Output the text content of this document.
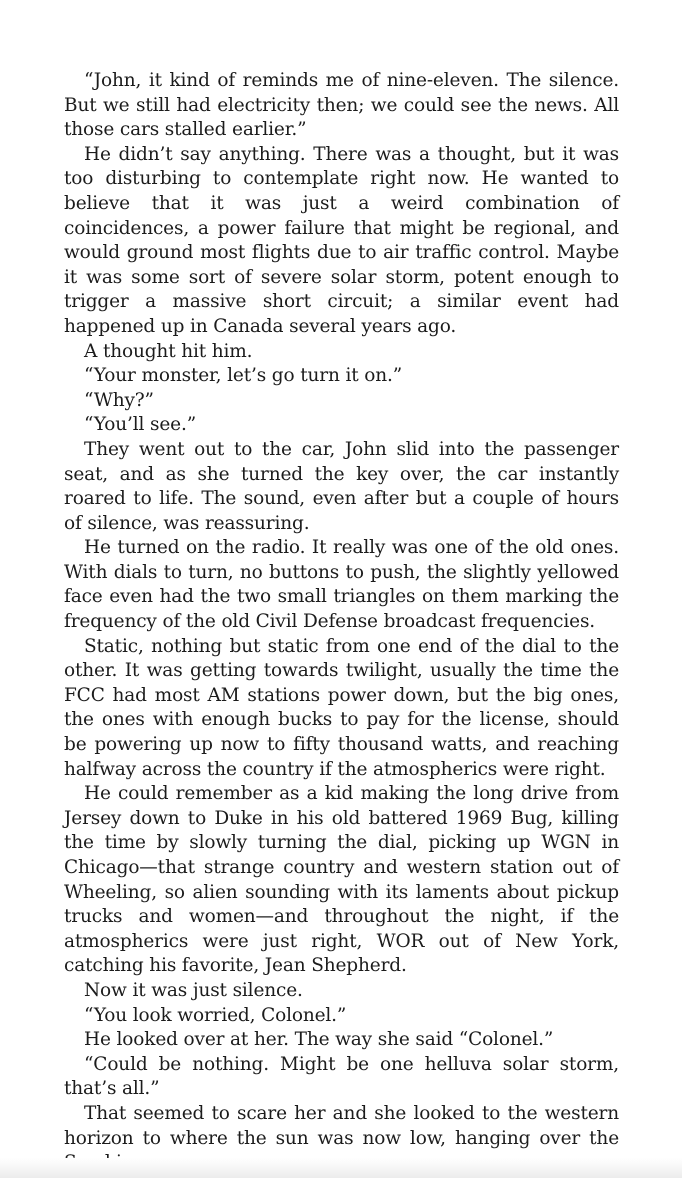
“John, it kind of reminds me of nine-eleven. The silence. But we still had electricity then; we could see the news. All those cars stalled earlier.”

He didn’t say anything. There was a thought, but it was too disturbing to contemplate right now. He wanted to believe that it was just a weird combination of coincidences, a power failure that might be regional, and would ground most flights due to air traffic control. Maybe it was some sort of severe solar storm, potent enough to trigger a massive short circuit; a similar event had happened up in Canada several years ago.

A thought hit him.

“Your monster, let’s go turn it on.”

“Why?”

“You’ll see.”

They went out to the car, John slid into the passenger seat, and as she turned the key over, the car instantly roared to life. The sound, even after but a couple of hours of silence, was reassuring.

He turned on the radio. It really was one of the old ones. With dials to turn, no buttons to push, the slightly yellowed face even had the two small triangles on them marking the frequency of the old Civil Defense broadcast frequencies.

Static, nothing but static from one end of the dial to the other. It was getting towards twilight, usually the time the FCC had most AM stations power down, but the big ones, the ones with enough bucks to pay for the license, should be powering up now to fifty thousand watts, and reaching halfway across the country if the atmospherics were right.

He could remember as a kid making the long drive from Jersey down to Duke in his old battered 1969 Bug, killing the time by slowly turning the dial, picking up WGN in Chicago—that strange country and western station out of Wheeling, so alien sounding with its laments about pickup trucks and women—and throughout the night, if the atmospherics were just right, WOR out of New York, catching his favorite, Jean Shepherd.

Now it was just silence.

“You look worried, Colonel.”

He looked over at her. The way she said “Colonel.”

“Could be nothing. Might be one helluva solar storm, that’s all.”

That seemed to scare her and she looked to the western horizon to where the sun was now low, hanging over the
